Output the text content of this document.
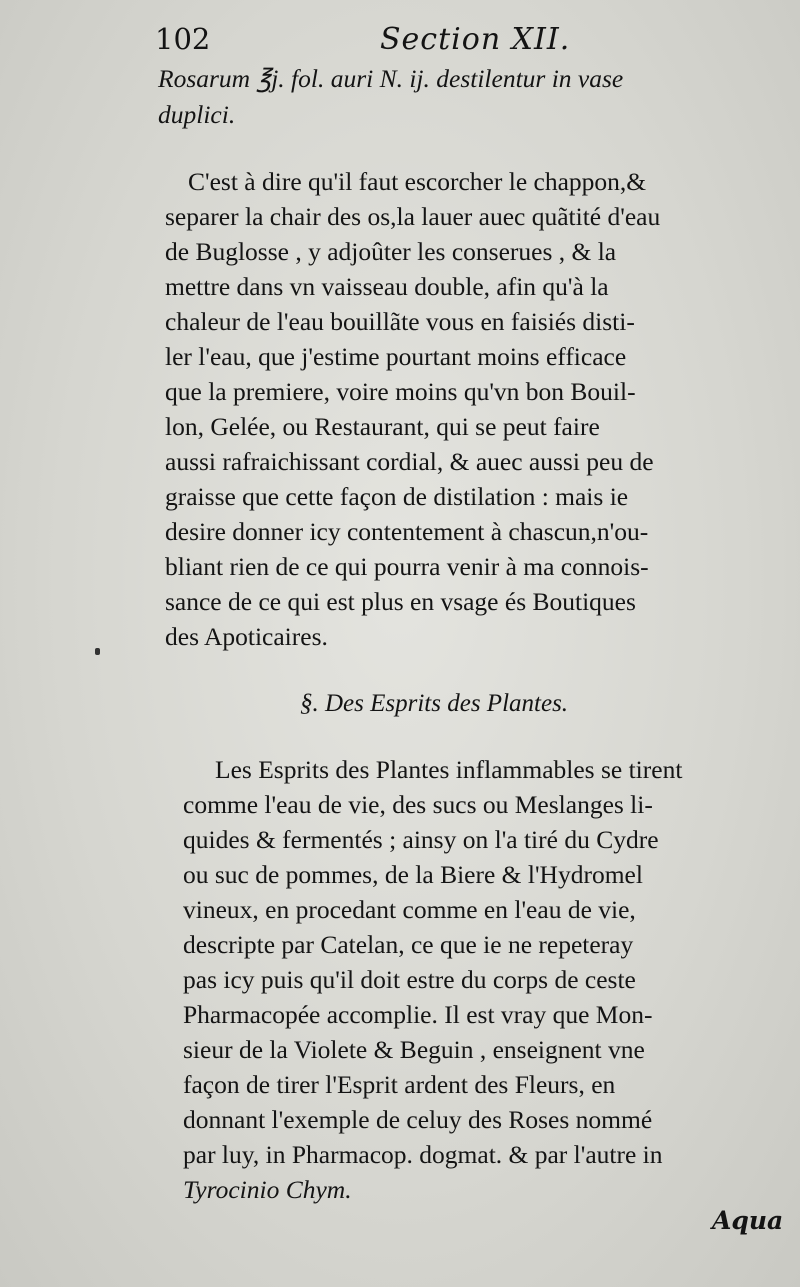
102	Section XII.
Rosarum ℥j. fol. auri N. ij. destilentur in vase
duplici.
C'est à dire qu'il faut escorcher le chappon,&
separer la chair des os,la lauer auec quãtité d'eau
de Buglosse , y adjoûter les conserues , & la
mettre dans vn vaisseau double, afin qu'à la
chaleur de l'eau bouillãte vous en faisiés disti-
ler l'eau, que j'estime pourtant moins efficace
que la premiere, voire moins qu'vn bon Bouil-
lon, Gelée, ou Restaurant, qui se peut faire
aussi rafraichissant cordial, & auec aussi peu de
graisse que cette façon de distilation : mais ie
desire donner icy contentement à chascun,n'ou-
bliant rien de ce qui pourra venir à ma connois-
sance de ce qui est plus en vsage és Boutiques
des Apoticaires.
§. Des Esprits des Plantes.
Les Esprits des Plantes inflammables se tirent
comme l'eau de vie, des sucs ou Meslanges li-
quides & fermentés ; ainsy on l'a tiré du Cydre
ou suc de pommes, de la Biere & l'Hydromel
vineux, en procedant comme en l'eau de vie,
descripte par Catelan, ce que ie ne repeteray
pas icy puis qu'il doit estre du corps de ceste
Pharmacopée accomplie. Il est vray que Mon-
sieur de la Violete & Beguin , enseignent vne
façon de tirer l'Esprit ardent des Fleurs, en
donnant l'exemple de celuy des Roses nommé
par luy, in Pharmacop. dogmat. & par l'autre in
Tyrocinio Chym.
Aqua
